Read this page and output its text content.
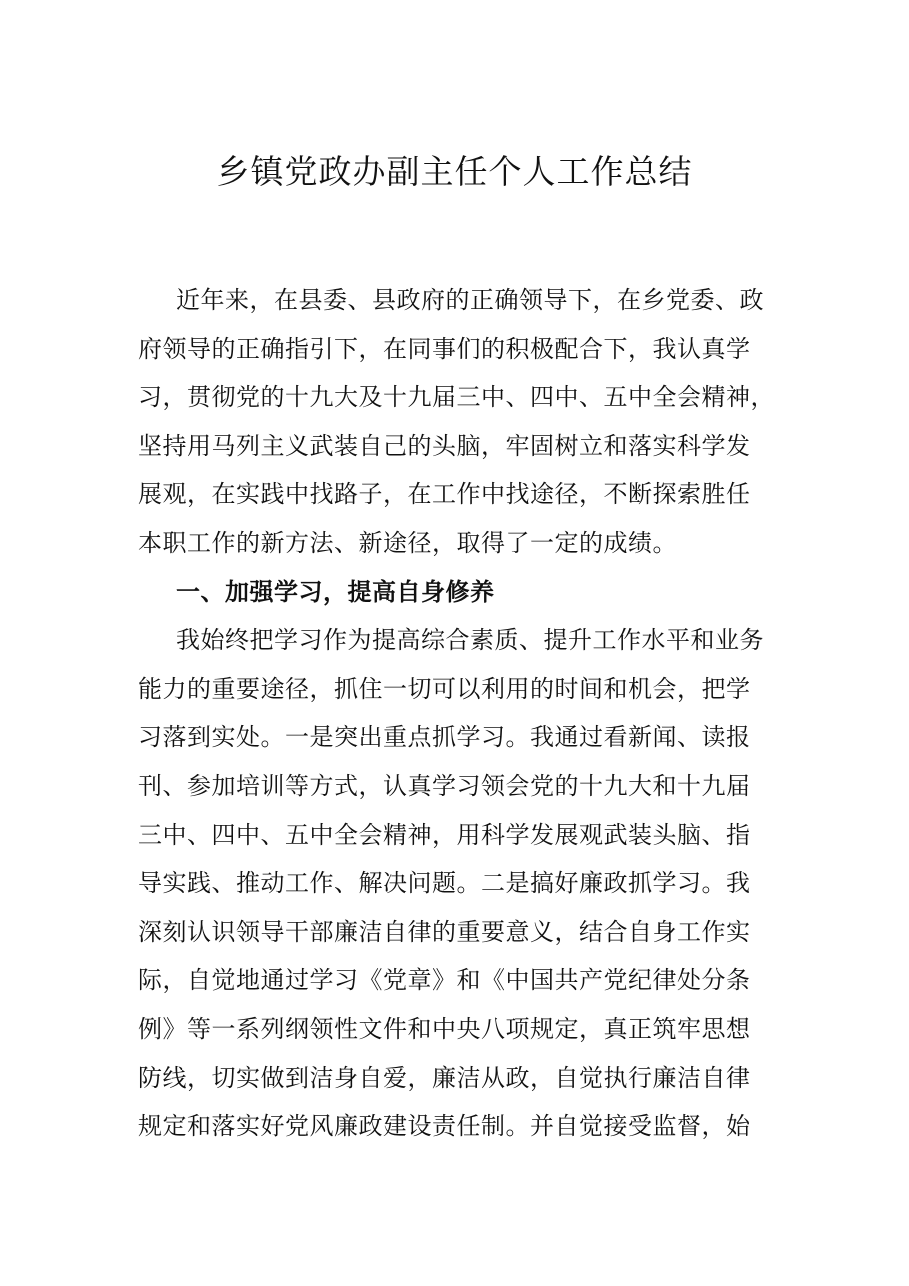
乡镇党政办副主任个人工作总结
近年来，在县委、县政府的正确领导下，在乡党委、政
府领导的正确指引下，在同事们的积极配合下，我认真学
习，贯彻党的十九大及十九届三中、四中、五中全会精神，
坚持用马列主义武装自己的头脑，牢固树立和落实科学发
展观，在实践中找路子，在工作中找途径，不断探索胜任
本职工作的新方法、新途径，取得了一定的成绩。
一、加强学习，提高自身修养
我始终把学习作为提高综合素质、提升工作水平和业务
能力的重要途径，抓住一切可以利用的时间和机会，把学
习落到实处。一是突出重点抓学习。我通过看新闻、读报
刊、参加培训等方式，认真学习领会党的十九大和十九届
三中、四中、五中全会精神，用科学发展观武装头脑、指
导实践、推动工作、解决问题。二是搞好廉政抓学习。我
深刻认识领导干部廉洁自律的重要意义，结合自身工作实
际，自觉地通过学习《党章》和《中国共产党纪律处分条
例》等一系列纲领性文件和中央八项规定，真正筑牢思想
防线，切实做到洁身自爱，廉洁从政，自觉执行廉洁自律
规定和落实好党风廉政建设责任制。并自觉接受监督，始
